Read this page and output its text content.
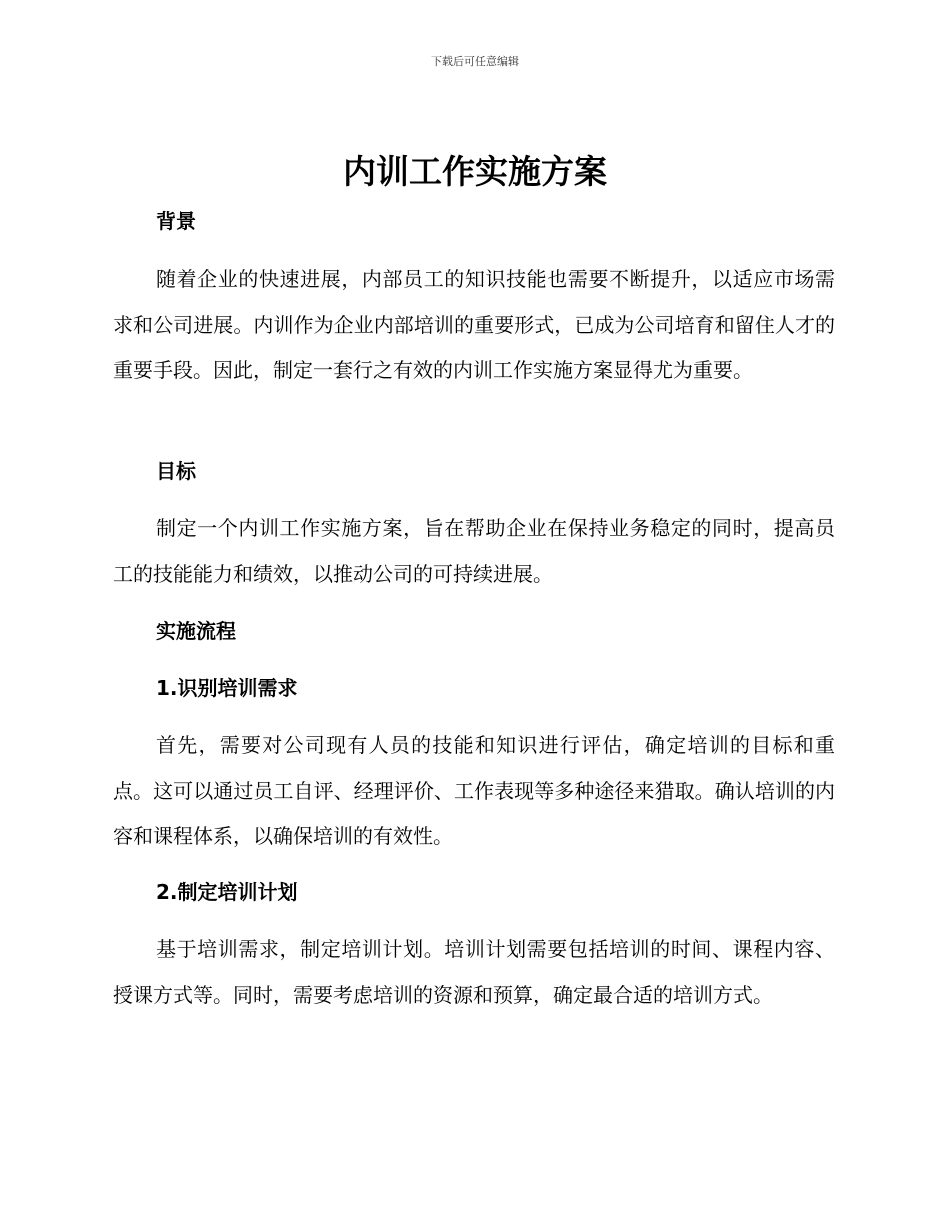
下载后可任意编辑
内训工作实施方案
背景

随着企业的快速进展，内部员工的知识技能也需要不断提升，以适应市场需求和公司进展。内训作为企业内部培训的重要形式，已成为公司培育和留住人才的重要手段。因此，制定一套行之有效的内训工作实施方案显得尤为重要。

目标

制定一个内训工作实施方案，旨在帮助企业在保持业务稳定的同时，提高员工的技能能力和绩效，以推动公司的可持续进展。

实施流程
1.识别培训需求

首先，需要对公司现有人员的技能和知识进行评估，确定培训的目标和重点。这可以通过员工自评、经理评价、工作表现等多种途径来猎取。确认培训的内容和课程体系，以确保培训的有效性。

2.制定培训计划

基于培训需求，制定培训计划。培训计划需要包括培训的时间、课程内容、授课方式等。同时，需要考虑培训的资源和预算，确定最合适的培训方式。
